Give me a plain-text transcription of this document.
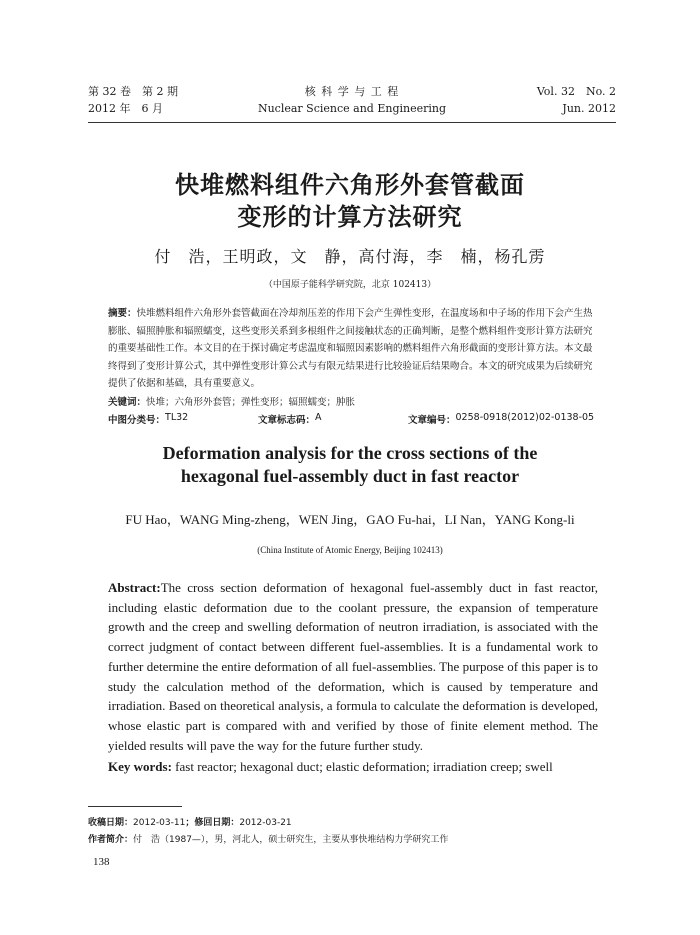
第 32 卷　第 2 期
2012 年　6 月
核 科 学 与 工 程
Nuclear Science and Engineering
Vol. 32　No. 2
Jun. 2012
快堆燃料组件六角形外套管截面
变形的计算方法研究
付　浩，王明政，文　静，高付海，李　楠，杨孔雳
（中国原子能科学研究院，北京 102413）
摘要：快堆燃料组件六角形外套管截面在冷却剂压差的作用下会产生弹性变形，在温度场和中子场的作用下会产生热膨胀、辐照肿胀和辐照蠕变，这些变形关系到多根组件之间接触状态的正确判断，是整个燃料组件变形计算方法研究的重要基础性工作。本文目的在于探讨确定考虑温度和辐照因素影响的燃料组件六角形截面的变形计算方法。本文最终得到了变形计算公式，其中弹性变形计算公式与有限元结果进行比较验证后结果吻合。本文的研究成果为后续研究提供了依据和基础，具有重要意义。
关键词：快堆；六角形外套管；弹性变形；辐照蠕变；肿胀
中图分类号： TL32	文章标志码： A	文章编号： 0258-0918(2012)02-0138-05
Deformation analysis for the cross sections of the
hexagonal fuel-assembly duct in fast reactor
FU Hao，WANG Ming-zheng，WEN Jing，GAO Fu-hai，LI Nan，YANG Kong-li
(China Institute of Atomic Energy, Beijing 102413)
Abstract:The cross section deformation of hexagonal fuel-assembly duct in fast reactor, including elastic deformation due to the coolant pressure, the expansion of temperature growth and the creep and swelling deformation of neutron irradiation, is associated with the correct judgment of contact between different fuel-assemblies. It is a fundamental work to further determine the entire deformation of all fuel-assemblies. The purpose of this paper is to study the calculation method of the deformation, which is caused by temperature and irradiation. Based on theoretical analysis, a formula to calculate the deformation is developed, whose elastic part is compared with and verified by those of finite element method. The yielded results will pave the way for the future further study.
Key words: fast reactor; hexagonal duct; elastic deformation; irradiation creep; swell
收稿日期：2012-03-11；修回日期：2012-03-21
作者简介：付　浩（1987—），男，河北人，硕士研究生，主要从事快堆结构力学研究工作
138
